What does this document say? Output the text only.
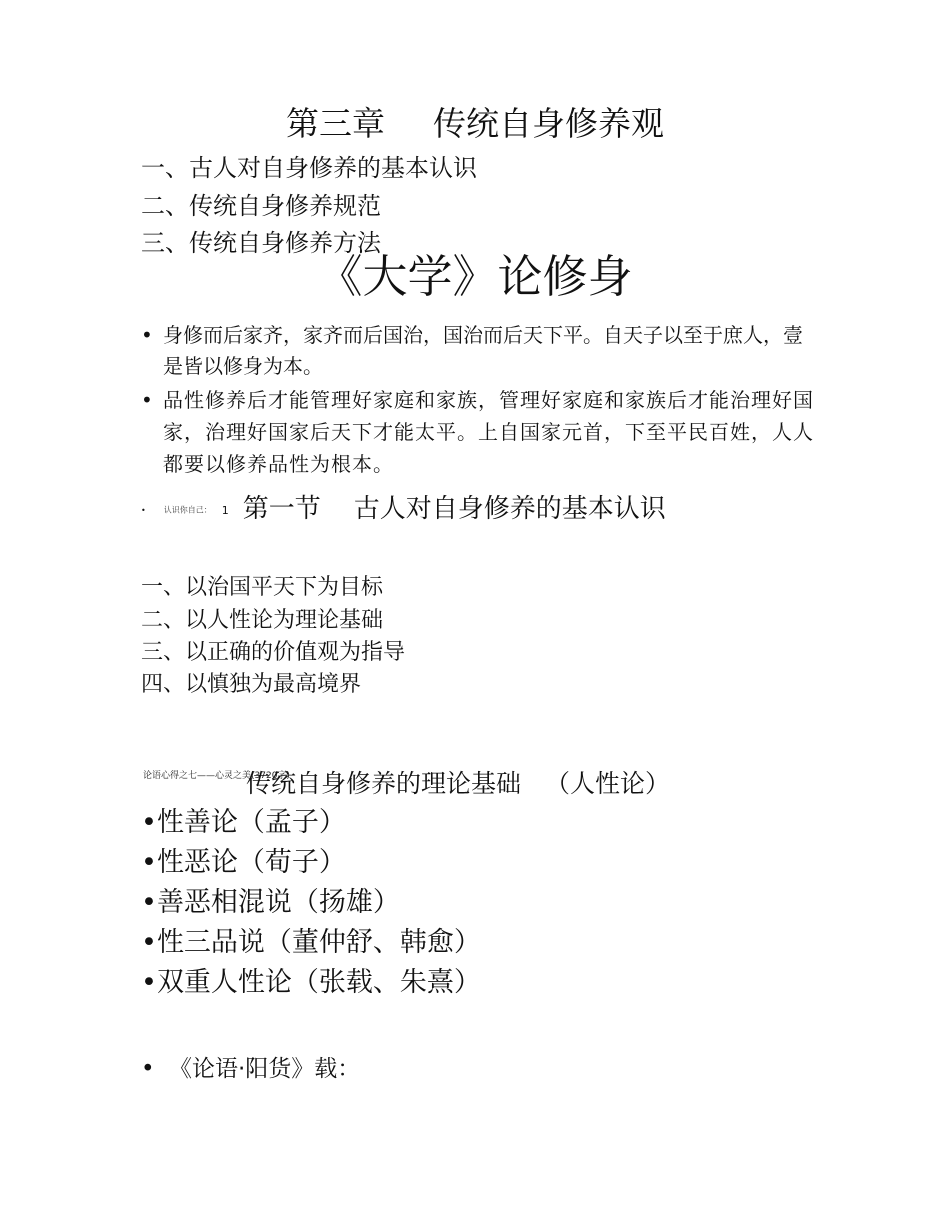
第三章 传统自身修养观
一、古人对自身修养的基本认识
二、传统自身修养规范
三、传统自身修养方法
《大学》论修身
• 身修而后家齐，家齐而后国治，国治而后天下平。自天子以至于庶人，壹是皆以修身为本。
• 品性修养后才能管理好家庭和家族，管理好家庭和家族后才能治理好国家，治理好国家后天下才能太平。上自国家元首，下至平民百姓，人人都要以修养品性为根本。
• 认识你自己： 1 第一节 古人对自身修养的基本认识
一、以治国平天下为目标
二、以人性论为理论基础
三、以正确的价值观为指导
四、以慎独为最高境界
论语心得之七——心灵之美(3720字)
传统自身修养的理论基础 （人性论）
•性善论（孟子）
•性恶论（荀子）
•善恶相混说（扬雄）
•性三品说（董仲舒、韩愈）
•双重人性论（张载、朱熹）
• 《论语·阳货》载：
